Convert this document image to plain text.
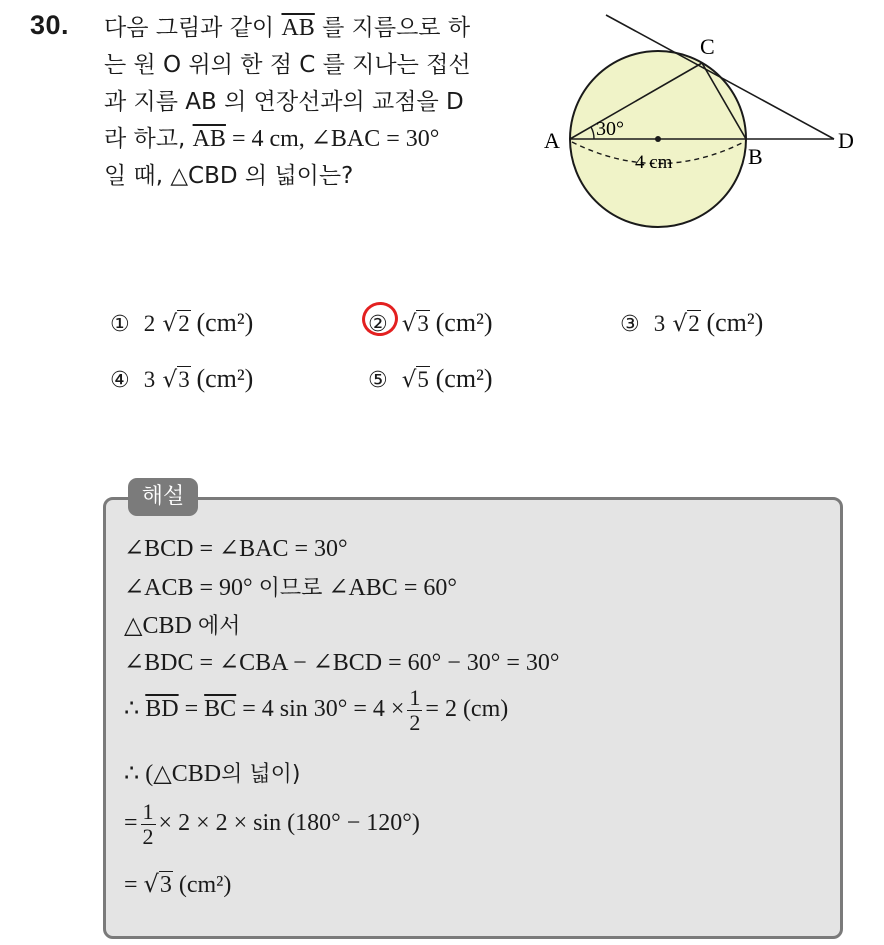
30. 다음 그림과 같이 $\overline{AB}$ 를 지름으로 하
는 원 O 위의 한 점 C 를 지나는 접선
과 지름 AB 의 연장선과의 교점을 D
라 하고, $\overline{AB} = 4$ cm, ∠BAC = 30°
일 때, △CBD 의 넓이는?
A
B
C
D
30°
4 cm
① 2 √2 (cm²)	② √3 (cm²)	③ 3 √2 (cm²)
④ 3 √3 (cm²)	⑤ √5 (cm²)
해설
∠BCD = ∠BAC = 30°
∠ACB = 90° 이므로 ∠ABC = 60°
△CBD 에서
∠BDC = ∠CBA − ∠BCD = 60° − 30° = 30°
∴ $\overline{BD} = \overline{BC} = 4$ $\sin 30^\circ = 4 \times \frac{1}{2} = 2$ (cm)
∴ (△CBD의 넓이)
= $\frac{1}{2} \times 2 \times 2 \times \sin (180^\circ - 120^\circ)$
= √3 (cm²)
